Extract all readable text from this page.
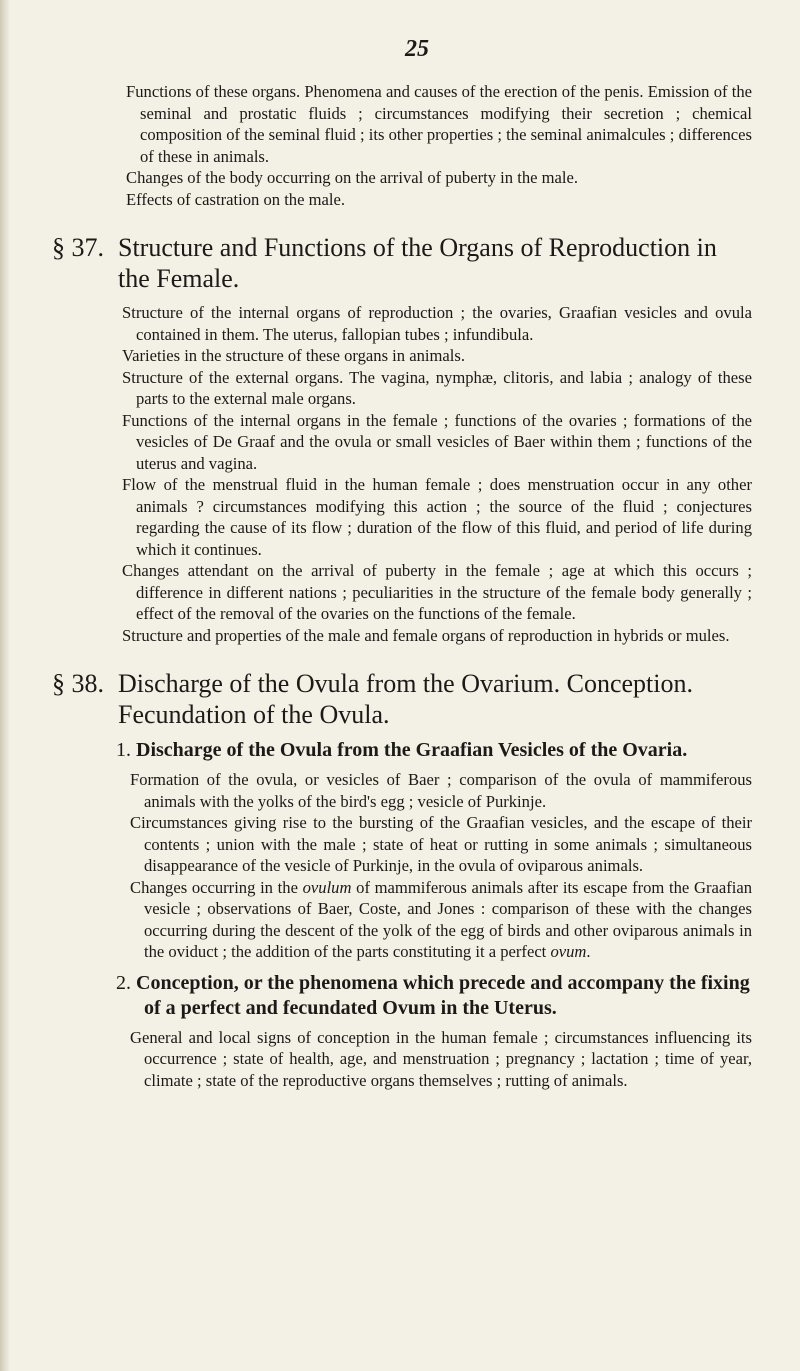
25

Functions of these organs. Phenomena and causes of the erection of the penis. Emission of the seminal and prostatic fluids ; circumstances modifying their secretion ; chemical composition of the seminal fluid ; its other properties ; the seminal animalcules ; differences of these in animals.

Changes of the body occurring on the arrival of puberty in the male.

Effects of castration on the male.

§ 37. Structure and Functions of the Organs of Reproduction in the Female.

Structure of the internal organs of reproduction ; the ovaries, Graafian vesicles and ovula contained in them. The uterus, fallopian tubes ; infundibula.

Varieties in the structure of these organs in animals.

Structure of the external organs. The vagina, nymphæ, clitoris, and labia ; analogy of these parts to the external male organs.

Functions of the internal organs in the female ; functions of the ovaries ; formations of the vesicles of De Graaf and the ovula or small vesicles of Baer within them ; functions of the uterus and vagina.

Flow of the menstrual fluid in the human female ; does menstruation occur in any other animals ? circumstances modifying this action ; the source of the fluid ; conjectures regarding the cause of its flow ; duration of the flow of this fluid, and period of life during which it continues.

Changes attendant on the arrival of puberty in the female ; age at which this occurs ; difference in different nations ; peculiarities in the structure of the female body generally ; effect of the removal of the ovaries on the functions of the female.

Structure and properties of the male and female organs of reproduction in hybrids or mules.

§ 38. Discharge of the Ovula from the Ovarium. Conception. Fecundation of the Ovula.
1. Discharge of the Ovula from the Graafian Vesicles of the Ovaria.

Formation of the ovula, or vesicles of Baer ; comparison of the ovula of mammiferous animals with the yolks of the bird's egg ; vesicle of Purkinje.

Circumstances giving rise to the bursting of the Graafian vesicles, and the escape of their contents ; union with the male ; state of heat or rutting in some animals ; simultaneous disappearance of the vesicle of Purkinje, in the ovula of oviparous animals.

Changes occurring in the ovulum of mammiferous animals after its escape from the Graafian vesicle ; observations of Baer, Coste, and Jones : comparison of these with the changes occurring during the descent of the yolk of the egg of birds and other oviparous animals in the oviduct ; the addition of the parts constituting it a perfect ovum.

2. Conception, or the phenomena which precede and accompany the fixing of a perfect and fecundated Ovum in the Uterus.

General and local signs of conception in the human female ; circumstances influencing its occurrence ; state of health, age, and menstruation ; pregnancy ; lactation ; time of year, climate ; state of the reproductive organs themselves ; rutting of animals.
